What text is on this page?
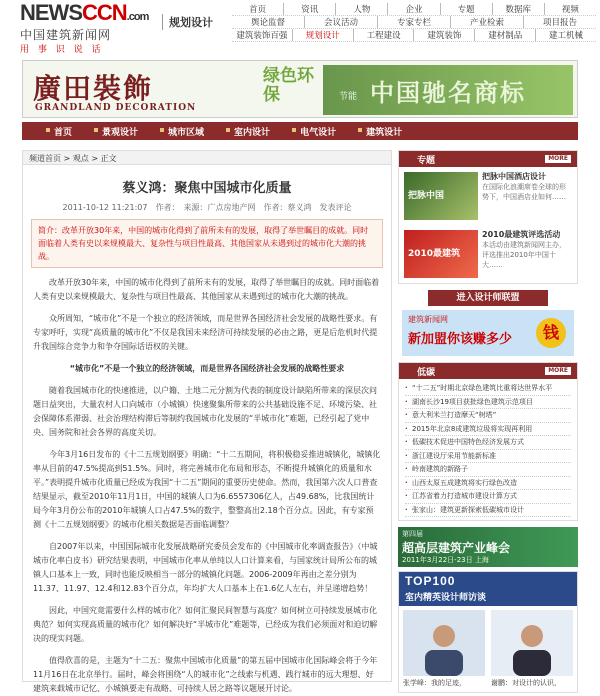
NEWSCCN.com
中国建筑新闻网
用 事 识 说 话
规划设计
首页	资讯	人物	企业	专题	数据库	视频
舆论监督	会议活动	专家专栏	产业检索	项目报告
建筑装饰百强	规划设计	工程建设	建筑装饰	建材制品	建工机械
廣田裝飾
GRANDLAND DECORATION
绿色环保	中国驰名商标
节能
首页	景观设计	城市区域	室内设计	电气设计	建筑设计
频道首页 > 观点 > 正文
蔡义鸿：聚焦中国城市化质量
2011-10-12 11:21:07　作者：　来源：广点房地产网　作者：蔡义鸿　发表评论
简介：改革开放30年来，中国的城市化得到了前所未有的发展，取得了举世瞩目的成就。同时面临着人类有史以来规模最大、复杂性与项目性最高、其他国家从未遇到过的城市化大潮的挑战。

改革开放30年来，中国的城市化得到了前所未有的发展，取得了举世瞩目的成就。同时面临着人类有史以来规模最大、复杂性与项目性最高、其他国家从未遇到过的城市化大潮的挑战。

众所周知，“城市化”不是一个独立的经济领域，而是世界各国经济社会发展的战略性要求。有专家呼吁，实现“高质量的城市化”不仅是我国未来经济可持续发展的必由之路，更是后危机时代提升我国综合竞争力和争夺国际话语权的关键。

“城市化”不是一个独立的经济领域，而是世界各国经济社会发展的战略性要求

随着我国城市化的快速推进，以户籍、土地二元分割为代表的制度设计缺陷所带来的深层次问题日益突出，大量农村人口向城市（小城镇）快速聚集所带来的公共基础设施不足、环境污染、社会保障体系滞弱、社会治理结构滞后等制约我国城市化发展的“半城市化”难题，已经引起了党中央、国务院和社会各界的高度关切。

今年3月16日发布的《十二五规划纲要》明确：“十二五期间，将积极稳妥推进城镇化，城镇化率从目前的47.5%提高到51.5%。同时，将完善城市化布局和形态，不断提升城镇化的质量和水平。”表明提升城市化质量已经成为我国“十二五”期间的重要历史使命。然而，我国第六次人口普查结果显示，截至2010年11月1日，中国的城镇人口为6.6557306亿人，占49.68%，比我国统计局今年3月份公布的2010年城镇人口占47.5%的数字，整整高出2.18个百分点。因此，有专家预测《十二五规划纲要》的城市化相关数据是否面临调整？

自2007年以来，中国国际城市化发展战略研究委员会发布的《中国城市化率调查报告》（中城城市化率白皮书）研究结果表明，中国城市化率从单纯以人口计算来看，与国家统计局所公布的城镇人口基本上一致，同时也能反映相当一部分的城镇化问题。2006-2009年再由之差分别为11.37、11.97、12.4和12.83个百分点，年均扩大人口基本上在1.6亿人左右，并呈递增趋势！

因此，中国究竟需要什么样的城市化？如何汇聚民间智慧与高度？如何树立可持续发展城市化典范？如何实现高质量的城市化？如何解决好“半城市化”难题等，已经成为我们必须面对和迫切解决的现实问题。

值得欣喜的是，主题为“十二五：聚焦中国城市化质量”的第五届中国城市化国际峰会将于今年11月16日在北京举行。届时，峰会将围绕“人的城市化”之线索与机遇、践行城市的远大理想、好建筑来载城市记忆、小城镇要走有战略、可持续人居之路等议题展开讨论。

专题	MORE
把脉中国
把脉中国酒店设计
在国际化浪潮席卷全球的形势下，中国酒店业如何……
2010最建筑
2010最建筑评选活动
本活动由建筑新闻网主办，评选推出2010年中国十大……
进入设计师联盟
建筑新闻网
新加盟你该赚多少	钱
低碳	MORE
· “十二五”时期北京绿色建筑比重将达世界水平
· 湖南长沙19项目获批绿色建筑示范项目
· 意大利米兰打造摩天“树塔”
· 2015年北京8成建筑垃圾将实现再利用
· 低碳技术促进中国特色经济发展方式
· 浙江建设厅采用节能新标准
· 岭南建筑的新路子
· 山西太原五成建筑将实行绿色改造
· 江苏省着力打造城市建设计算方式
· 张家山：建筑更新探索低碳城市设计
第四届
超高层建筑产业峰会
2011年3月22日-23日 上海
TOP100
室内精英设计师访谈
张学峰：我的足迹，	谢鹏：对设计的认识，
